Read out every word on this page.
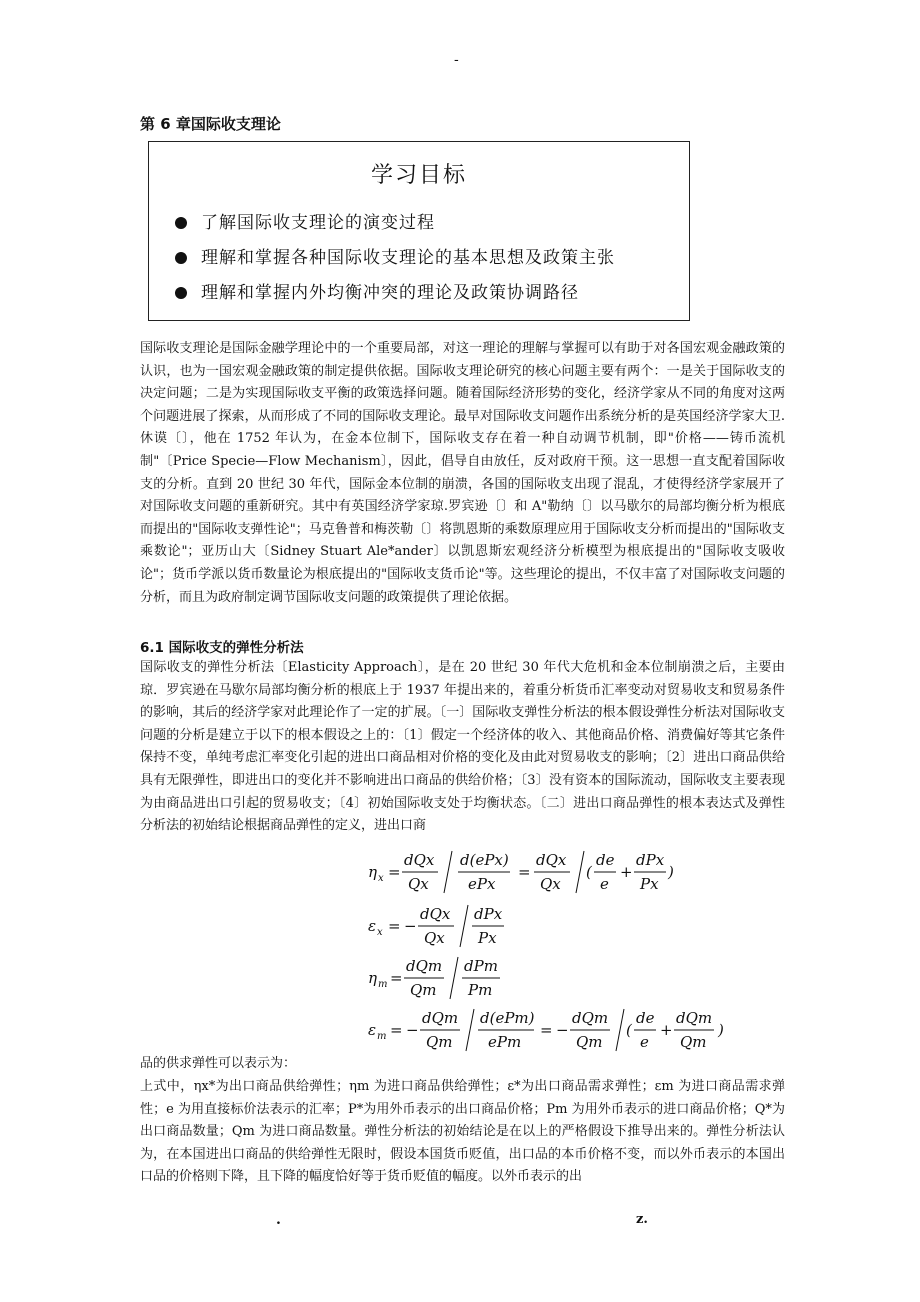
-
第 6 章国际收支理论
学习目标
了解国际收支理论的演变过程
理解和掌握各种国际收支理论的基本思想及政策主张
理解和掌握内外均衡冲突的理论及政策协调路径
国际收支理论是国际金融学理论中的一个重要局部，对这一理论的理解与掌握可以有助于对各国宏观金融政策的认识，也为一国宏观金融政策的制定提供依据。国际收支理论研究的核心问题主要有两个：一是关于国际收支的决定问题；二是为实现国际收支平衡的政策选择问题。随着国际经济形势的变化，经济学家从不同的角度对这两个问题进展了探索，从而形成了不同的国际收支理论。最早对国际收支问题作出系统分析的是英国经济学家大卫.休谟〔〕，他在 1752 年认为，在金本位制下，国际收支存在着一种自动调节机制，即"价格——铸币流机制"〔Price Specie—Flow Mechanism〕，因此，倡导自由放任，反对政府干预。这一思想一直支配着国际收支的分析。直到 20 世纪 30 年代，国际金本位制的崩溃，各国的国际收支出现了混乱，才使得经济学家展开了对国际收支问题的重新研究。其中有英国经济学家琼.罗宾逊〔〕和 A"勒纳〔〕以马歇尔的局部均衡分析为根底而提出的"国际收支弹性论"；马克鲁普和梅茨勒〔〕将凯恩斯的乘数原理应用于国际收支分析而提出的"国际收支乘数论"；亚历山大〔Sidney Stuart Ale*ander〕以凯恩斯宏观经济分析模型为根底提出的"国际收支吸收论"；货币学派以货币数量论为根底提出的"国际收支货币论"等。这些理论的提出，不仅丰富了对国际收支问题的分析，而且为政府制定调节国际收支问题的政策提供了理论依据。
6.1 国际收支的弹性分析法
国际收支的弹性分析法〔Elasticity Approach〕，是在 20 世纪 30 年代大危机和金本位制崩溃之后，主要由琼．罗宾逊在马歇尔局部均衡分析的根底上于 1937 年提出来的，着重分析货币汇率变动对贸易收支和贸易条件的影响，其后的经济学家对此理论作了一定的扩展。〔一〕国际收支弹性分析法的根本假设弹性分析法对国际收支问题的分析是建立于以下的根本假设之上的：〔1〕假定一个经济体的收入、其他商品价格、消费偏好等其它条件保持不变，单纯考虑汇率变化引起的进出口商品相对价格的变化及由此对贸易收支的影响；〔2〕进出口商品供给具有无限弹性，即进出口的变化并不影响进出口商品的供给价格；〔3〕没有资本的国际流动，国际收支主要表现为由商品进出口引起的贸易收支；〔4〕初始国际收支处于均衡状态。〔二〕进出口商品弹性的根本表达式及弹性分析法的初始结论根据商品弹性的定义，进出口商
η x =
dQx
Qx
d(ePx)
ePx
=
dQx
Qx
(
de
e
+
dPx
Px
)
ε x = −
dQx
Qx
dPx
Px
η m =
dQm
Qm
dPm
Pm
ε m = −
dQm
Qm
d(ePm)
ePm
= −
dQm
Qm
(
de
e
+
dQm
Qm
)
品的供求弹性可以表示为：
上式中，ηx*为出口商品供给弹性；ηm 为进口商品供给弹性；ε*为出口商品需求弹性；εm 为进口商品需求弹性；e 为用直接标价法表示的汇率；P*为用外币表示的出口商品价格；Pm 为用外币表示的进口商品价格；Q*为出口商品数量；Qm 为进口商品数量。弹性分析法的初始结论是在以上的严格假设下推导出来的。弹性分析法认为，在本国进出口商品的供给弹性无限时，假设本国货币贬值，出口品的本币价格不变，而以外币表示的本国出口品的价格则下降，且下降的幅度恰好等于货币贬值的幅度。以外币表示的出
.	z.
